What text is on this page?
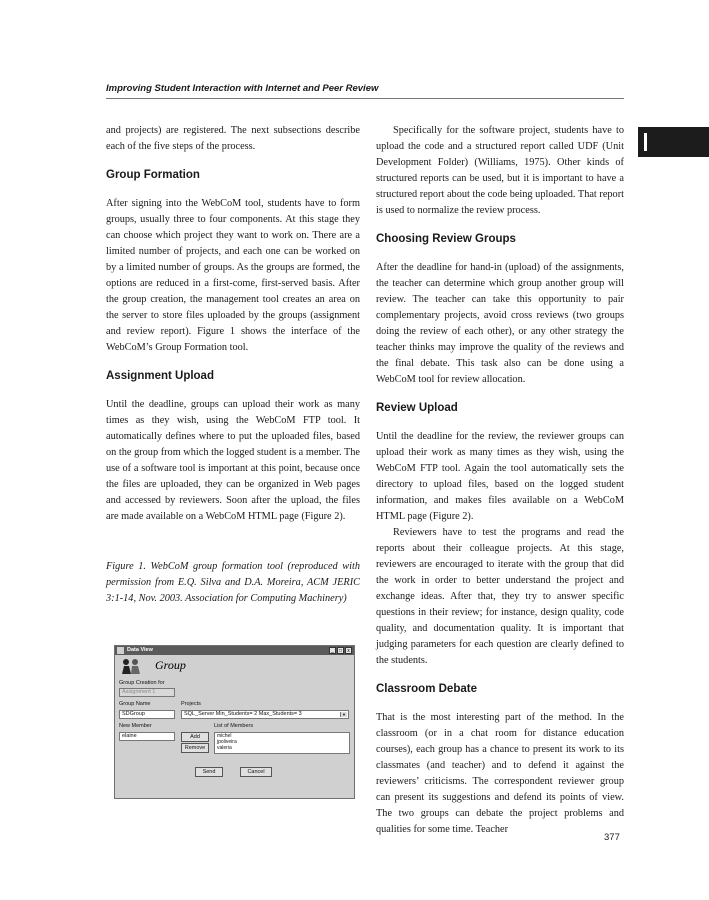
Improving Student Interaction with Internet and Peer Review

and projects) are registered. The next subsections describe each of the five steps of the process.

Group Formation

After signing into the WebCoM tool, students have to form groups, usually three to four components. At this stage they can choose which project they want to work on. There are a limited number of projects, and each one can be worked on by a limited number of groups. As the groups are formed, the options are reduced in a first-come, first-served basis. After the group creation, the management tool creates an area on the server to store files uploaded by the groups (assignment and review report). Figure 1 shows the interface of the WebCoM’s Group Formation tool.

Assignment Upload

Until the deadline, groups can upload their work as many times as they wish, using the WebCoM FTP tool. It automatically defines where to put the uploaded files, based on the group from which the logged student is a member. The use of a software tool is important at this point, because once the files are uploaded, they can be organized in Web pages and accessed by reviewers. Soon after the upload, the files are made available on a WebCoM HTML page (Figure 2).

Figure 1. WebCoM group formation tool (reproduced with permission from E.Q. Silva and D.A. Moreira, ACM JERIC 3:1-14, Nov. 2003. Association for Computing Machinery)

Specifically for the software project, students have to upload the code and a structured report called UDF (Unit Development Folder) (Williams, 1975). Other kinds of structured reports can be used, but it is important to have a structured report about the code being uploaded. That report is used to normalize the review process.

Choosing Review Groups

After the deadline for hand-in (upload) of the assignments, the teacher can determine which group another group will review. The teacher can take this opportunity to pair complementary projects, avoid cross reviews (two groups doing the review of each other), or any other strategy the teacher thinks may improve the quality of the reviews and the final debate. This task also can be done using a WebCoM tool for review allocation.

Review Upload

Until the deadline for the review, the reviewer groups can upload their work as many times as they wish, using the WebCoM FTP tool. Again the tool automatically sets the directory to upload files, based on the logged student information, and makes files available on a WebCoM HTML page (Figure 2).

Reviewers have to test the programs and read the reports about their colleague projects. At this stage, reviewers are encouraged to iterate with the group that did the work in order to better understand the project and exchange ideas. After that, they try to answer specific questions in their review; for instance, design quality, code quality, and documentation quality. It is important that judging parameters for each question are clearly defined to the students.

Classroom Debate

That is the most interesting part of the method. In the classroom (or in a chat room for distance education courses), each group has a chance to present its work to its classmates (and teacher) and to defend it against the reviewers’ criticisms. The correspondent reviewer group can present its suggestions and defend its points of view. The two groups can debate the project problems and qualities for some time. Teacher

Data View	_	□	x
Group
Group Creation for
Assignment 1
Group Name
SDGroup
Projects
SQL_Server Min_Students= 2 Max_Students= 3	▼
New Member
elaine
List of Members
Add
Remove
michel
jpoliveira
valeria
Send	Cancel
377
